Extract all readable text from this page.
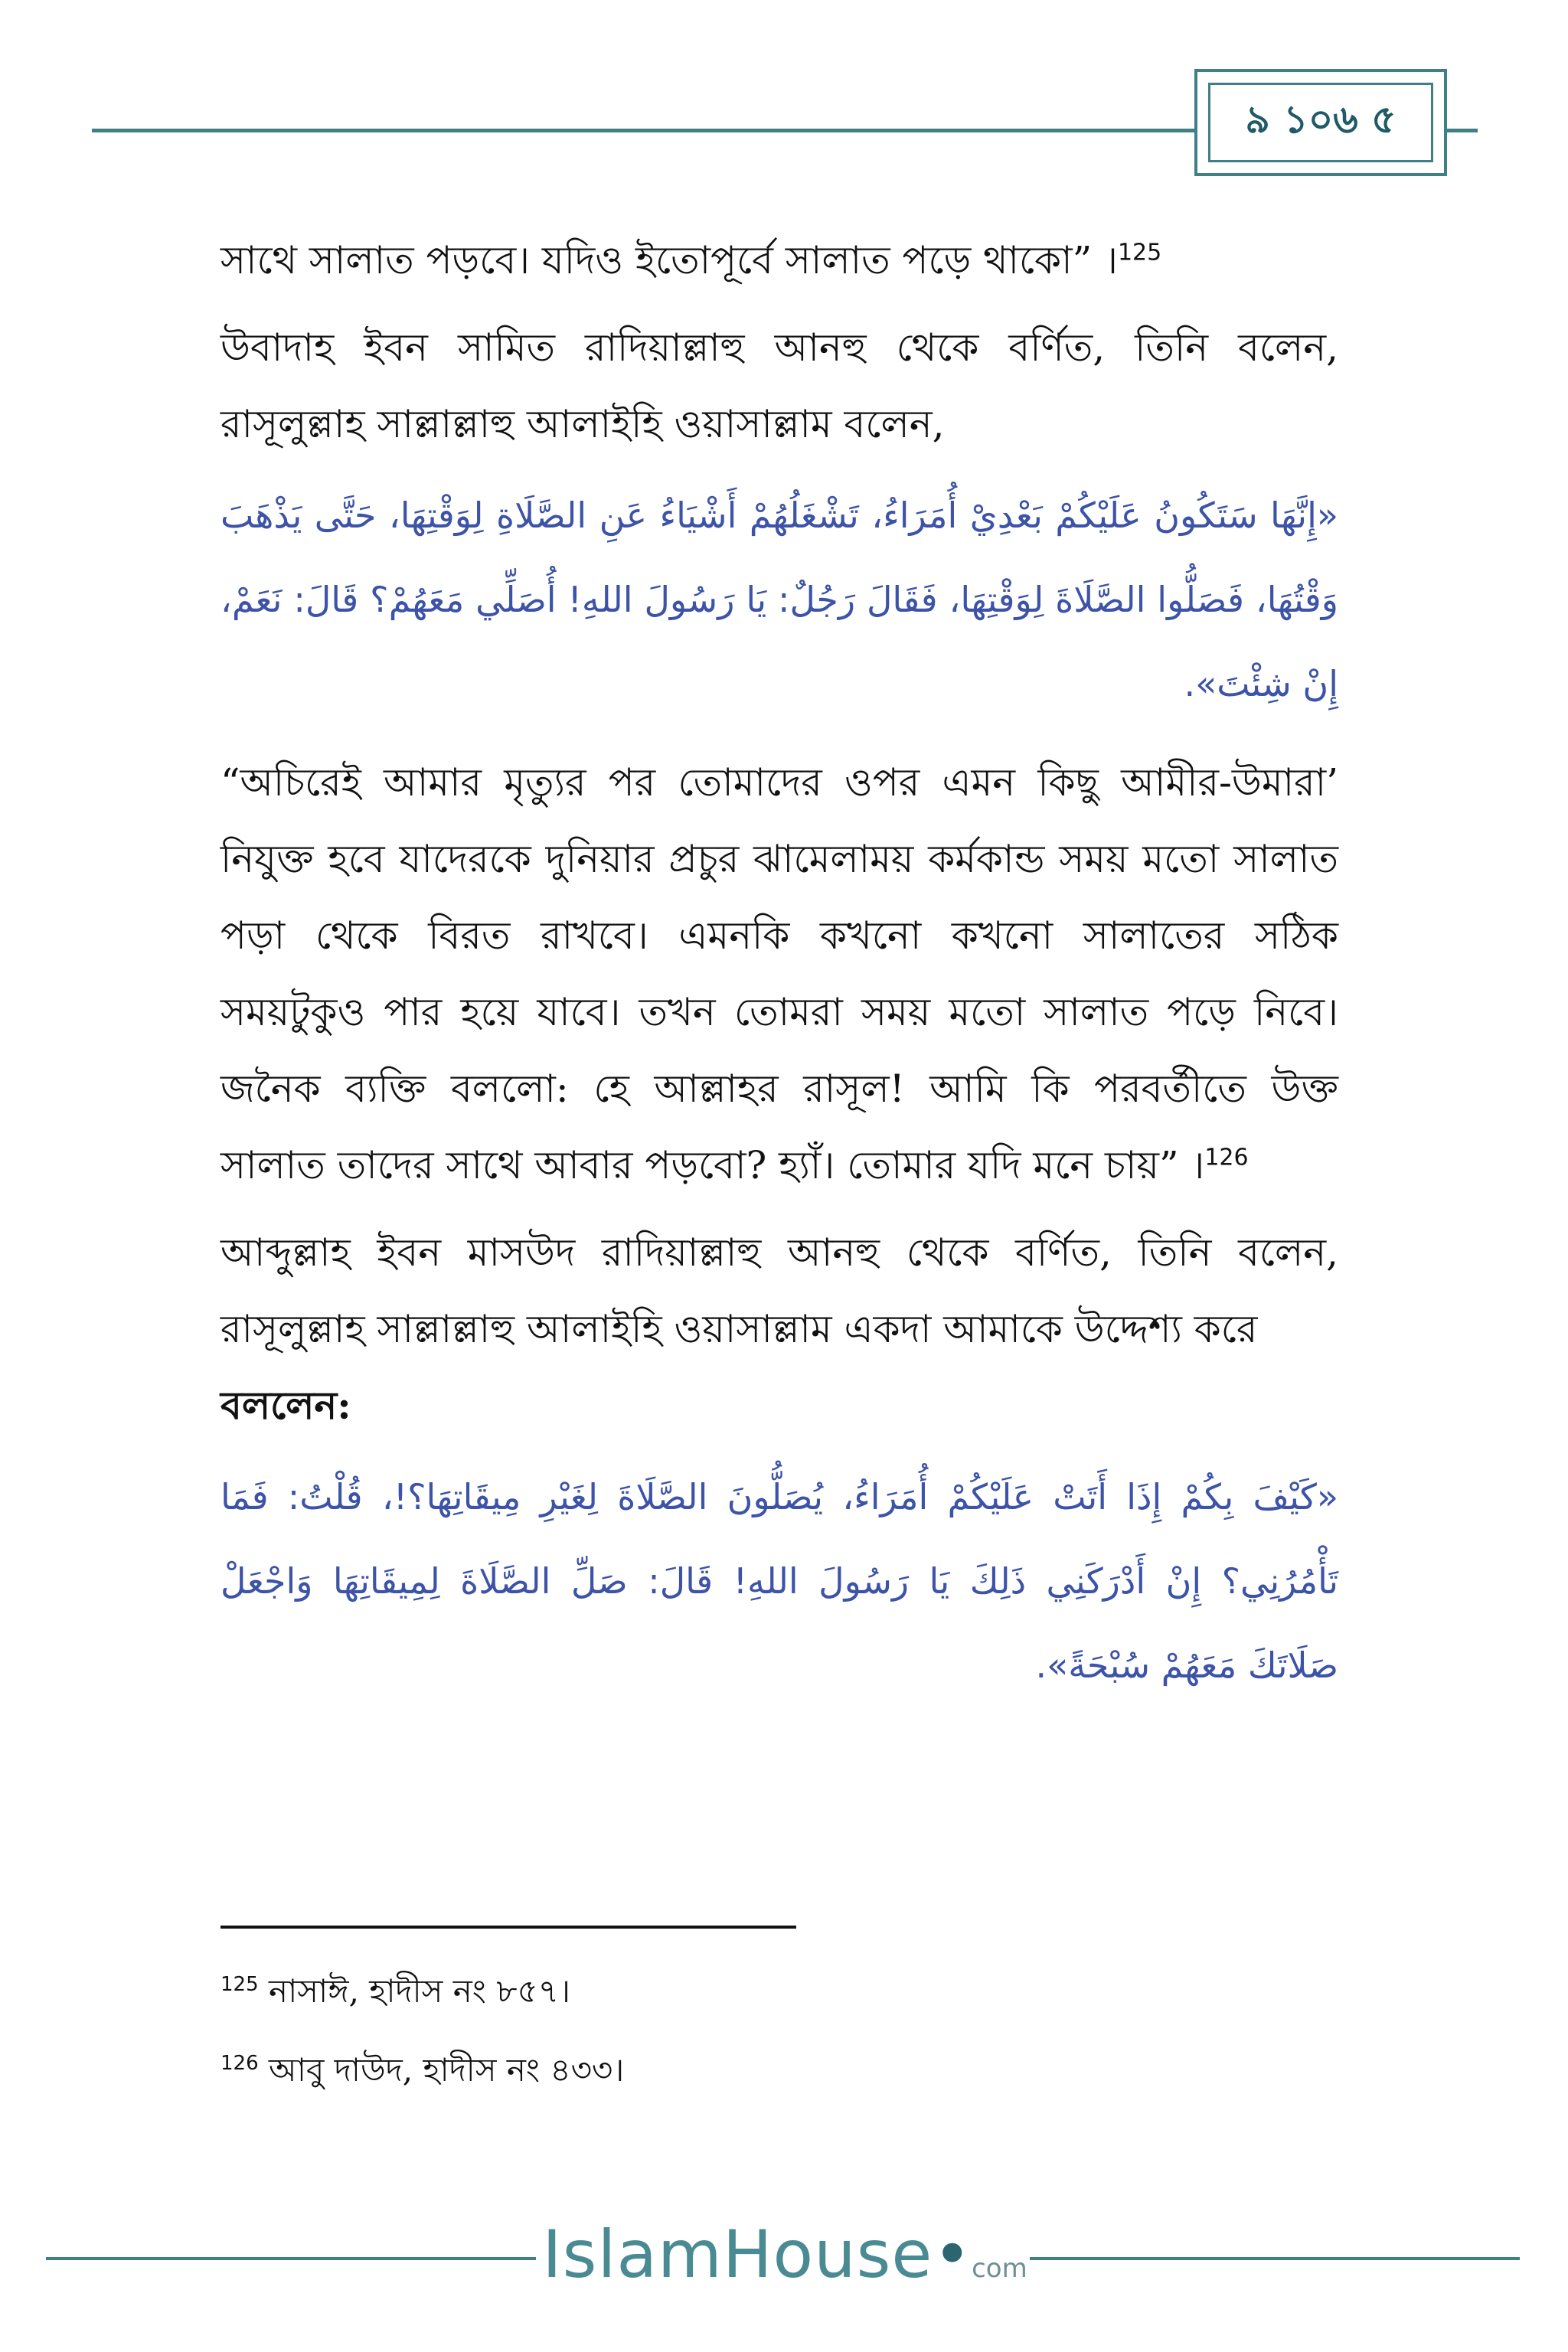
৯ ১০৬ ৫

সাথে সালাত পড়বে। যদিও ইতোপূর্বে সালাত পড়ে থাকো” ।$^{125}$

উবাদাহ ইবন সামিত রাদিয়াল্লাহু আনহু থেকে বর্ণিত, তিনি বলেন, রাসূলুল্লাহ সাল্লাল্লাহু আলাইহি ওয়াসাল্লাম বলেন,

«إِنَّهَا سَتَكُونُ عَلَيْكُمْ بَعْدِيْ أُمَرَاءُ، تَشْغَلُهُمْ أَشْيَاءُ عَنِ الصَّلَاةِ لِوَقْتِهَا، حَتَّى يَذْهَبَ وَقْتُهَا، فَصَلُّوا الصَّلَاةَ لِوَقْتِهَا، فَقَالَ رَجُلٌ: يَا رَسُولَ اللهِ! أُصَلِّي مَعَهُمْ؟ قَالَ: نَعَمْ، إِنْ شِئْتَ».

“অচিরেই আমার মৃত্যুর পর তোমাদের ওপর এমন কিছু আমীর-উমারা’ নিযুক্ত হবে যাদেরকে দুনিয়ার প্রচুর ঝামেলাময় কর্মকান্ড সময় মতো সালাত পড়া থেকে বিরত রাখবে। এমনকি কখনো কখনো সালাতের সঠিক সময়টুকুও পার হয়ে যাবে। তখন তোমরা সময় মতো সালাত পড়ে নিবে। জনৈক ব্যক্তি বললো: হে আল্লাহর রাসূল! আমি কি পরবর্তীতে উক্ত সালাত তাদের সাথে আবার পড়বো? হ্যাঁ। তোমার যদি মনে চায়” ।$^{126}$

আব্দুল্লাহ ইবন মাসউদ রাদিয়াল্লাহু আনহু থেকে বর্ণিত, তিনি বলেন, রাসূলুল্লাহ সাল্লাল্লাহু আলাইহি ওয়াসাল্লাম একদা আমাকে উদ্দেশ্য করে
বললেন:

«كَيْفَ بِكُمْ إِذَا أَتَتْ عَلَيْكُمْ أُمَرَاءُ، يُصَلُّونَ الصَّلَاةَ لِغَيْرِ مِيقَاتِهَا؟!، قُلْتُ: فَمَا تَأْمُرُنِي؟ إِنْ أَدْرَكَنِي ذَلِكَ يَا رَسُولَ اللهِ! قَالَ: صَلِّ الصَّلَاةَ لِمِيقَاتِهَا وَاجْعَلْ صَلَاتَكَ مَعَهُمْ سُبْحَةً».

$^{125}$ নাসাঈ, হাদীস নং ৮৫৭।
$^{126}$ আবু দাউদ, হাদীস নং ৪৩৩।
IslamHouse • com
